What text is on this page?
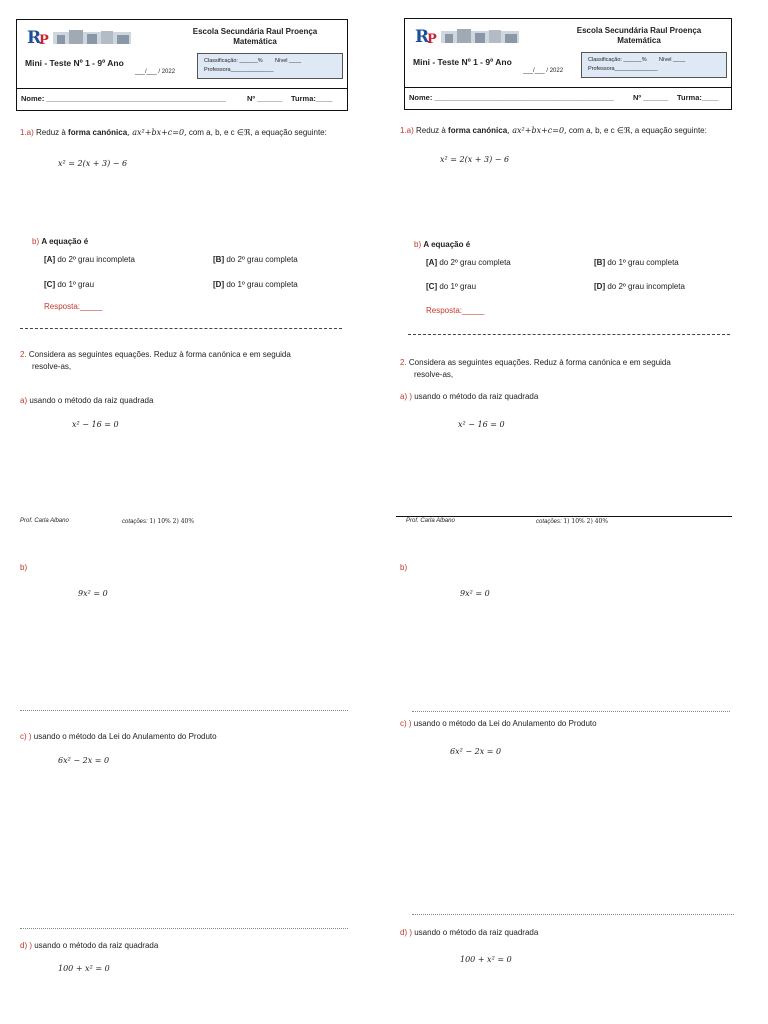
R
P
Escola Secundária Raul Proença
Matemática
Mini - Teste Nº 1 - 9º Ano
___/___ / 2022
Classificação: ______% Nível ____
Professora______________
Nome: ___________________________________________	Nº ______ Turma:____
1.a) Reduz à forma canónica, ax²+bx+c=0, com a, b, e c ∈ℜ, a equação seguinte:
x² = 2(x + 3) − 6
b) A equação é
[A] do 2º grau incompleta	[B] do 2º grau completa
[C] do 1º grau	[D] do 1º grau completa
Resposta:_____
2. Considera as seguintes equações. Reduz à forma canónica e em seguida
resolve-as,
a) usando o método da raiz quadrada
x² − 16 = 0
Prof. Carla Albano	cotações: 1) 10% 2) 40%
b)
9x² = 0
c) ) usando o método da Lei do Anulamento do Produto
6x² − 2x = 0
d) ) usando o método da raiz quadrada
100 + x² = 0
R
P
Escola Secundária Raul Proença
Matemática
Mini - Teste Nº 1 - 9º Ano
___/___ / 2022
Classificação: ______% Nível ____
Professora______________
Nome: ___________________________________________	Nº ______ Turma:____
1.a) Reduz à forma canónica, ax²+bx+c=0, com a, b, e c ∈ℜ, a equação seguinte:
x² = 2(x + 3) − 6
b) A equação é
[A] do 2º grau completa	[B] do 1º grau completa
[C] do 1º grau	[D] do 2º grau incompleta
Resposta:_____
2. Considera as seguintes equações. Reduz à forma canónica e em seguida
resolve-as,
a) ) usando o método da raiz quadrada
x² − 16 = 0
Prof. Carla Albano	cotações: 1) 10% 2) 40%
b)
9x² = 0
c) ) usando o método da Lei do Anulamento do Produto
6x² − 2x = 0
d) ) usando o método da raiz quadrada
100 + x² = 0
